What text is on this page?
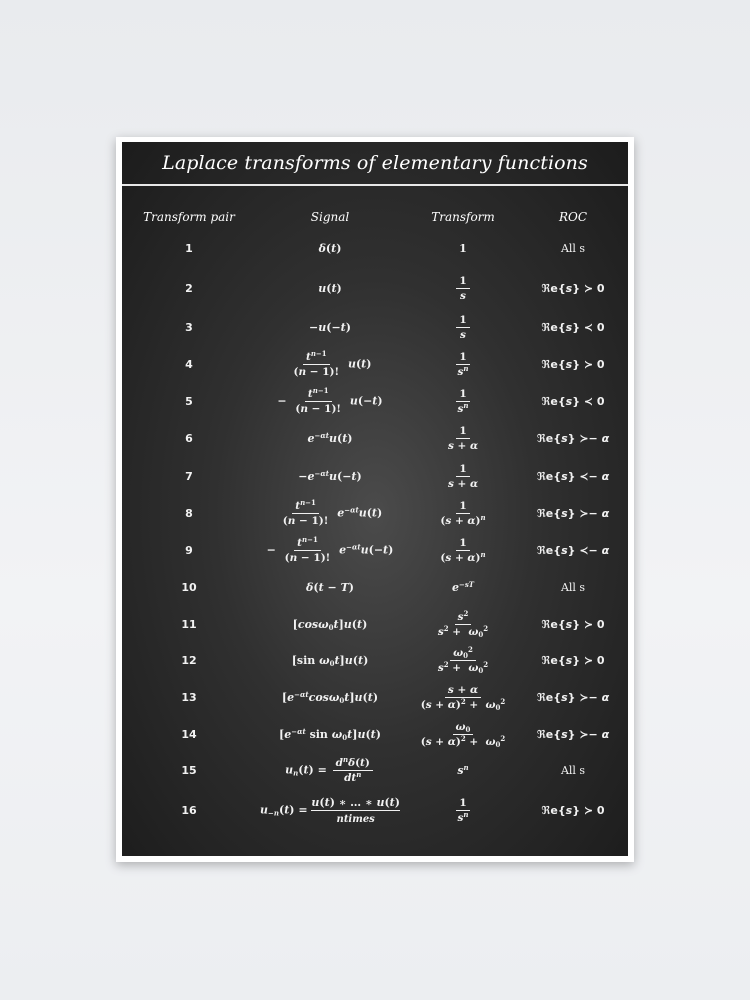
Laplace transforms of elementary functions
Transform pair	Signal	Transform	ROC
1	δ(t)	1	All s
2	u(t)	$\frac{1}{s}$	ℜe{s} ≻ 0
3	−u(−t)	$\frac{1}{s}$	ℜe{s} ≺ 0
4	$\frac{t^{n-1}}{(n - 1)!} u(t)$	$\frac{1}{s^n}$	ℜe{s} ≻ 0
5	− $\frac{t^{n-1}}{(n - 1)!} u(-t)$	$\frac{1}{s^n}$	ℜe{s} ≺ 0
6	$e^{-\alpha t}u(t)$	$\frac{1}{s + \alpha}$	ℜe{s} ≻− α
7	$-e^{-\alpha t}u(-t)$	$\frac{1}{s + \alpha}$	ℜe{s} ≺− α
8	$\frac{t^{n-1}}{(n - 1)!} e^{-\alpha t}u(t)$	$\frac{1}{(s + \alpha)^n}$	ℜe{s} ≻− α
9	− $\frac{t^{n-1}}{(n - 1)!} e^{-\alpha t}u(-t)$	$\frac{1}{(s + \alpha)^n}$	ℜe{s} ≺− α
10	δ(t − T)	$e^{-sT}$	All s
11	[cosω$_0$t]u(t)	$\frac{s^2}{s^2 + \omega_0^2}$	ℜe{s} ≻ 0
12	[sin $\omega_0t]u(t)$	$\frac{\omega_0^2}{s^2 + \omega_0^2}$	ℜe{s} ≻ 0
13	$[e^{-\alpha t}\cos\omega_0t]u(t)$	$\frac{s + \alpha}{(s + \alpha)^2 + \omega_0^2}$	ℜe{s} ≻− α
14	[$e^{-\alpha t}$ $\sin \omega_0t]u(t)$	$\frac{\omega_0}{(s + \alpha)^2 + \omega_0^2}$	ℜe{s} ≻− α
15	$u_n(t) = \frac{d^n\delta(t)}{dt^n}$	$s^n$	All s
16	$u_{-n}(t)$ =
u(t) ∗ … ∗ u(t)
ntimes	$\frac{1}{s^n}$	ℜe{s} ≻ 0
